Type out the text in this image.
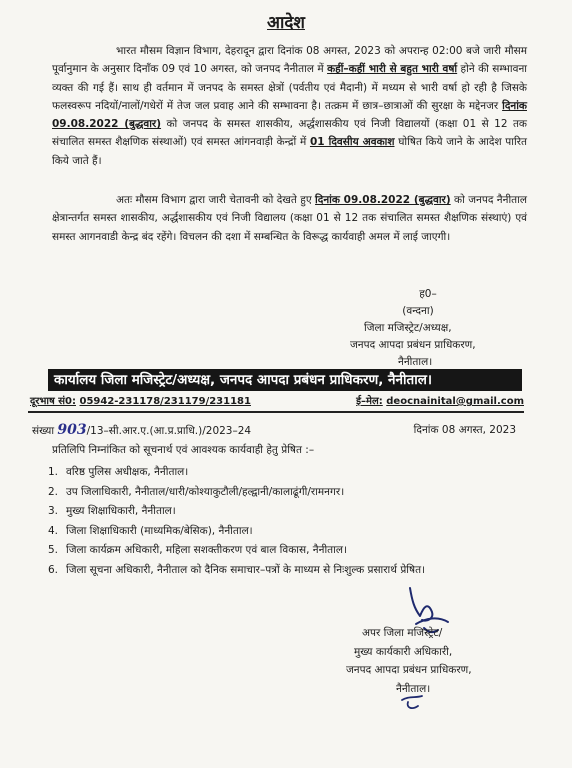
आदेश
भारत मौसम विज्ञान विभाग, देहरादून द्वारा दिनांक 08 अगस्त, 2023 को अपरान्ह 02:00 बजे जारी मौसम पूर्वानुमान के अनुसार दिनाँक 09 एवं 10 अगस्त, को जनपद नैनीताल में कहीं–कहीं भारी से बहुत भारी वर्षा होने की सम्भावना व्यक्त की गई हैं। साथ ही वर्तमान में जनपद के समस्त क्षेत्रों (पर्वतीय एवं मैदानी) में मध्यम से भारी वर्षा हो रही है जिसके फलस्वरूप नदियों/नालों/गधेरों में तेज जल प्रवाह आने की सम्भावना है। तत्क्रम में छात्र–छात्राओं की सुरक्षा के मद्देनजर दिनांक 09.08.2022 (बुद्धवार) को जनपद के समस्त शासकीय, अर्द्धशासकीय एवं निजी विद्यालयों (कक्षा 01 से 12 तक संचालित समस्त शैक्षणिक संस्थाओं) एवं समस्त आंगनवाड़ी केन्द्रों में 01 दिवसीय अवकाश घोषित किये जाने के आदेश पारित किये जाते हैं।
अतः मौसम विभाग द्वारा जारी चेतावनी को देखते हुए दिनांक 09.08.2022 (बुद्धवार) को जनपद नैनीताल क्षेत्रान्तर्गत समस्त शासकीय, अर्द्धशासकीय एवं निजी विद्यालय (कक्षा 01 से 12 तक संचालित समस्त शैक्षणिक संस्थाएं) एवं समस्त आगनवाडी केन्द्र बंद रहेंगे। विचलन की दशा में सम्बन्धित के विरूद्ध कार्यवाही अमल में लाई जाएगी।
ह0–
(वन्दना)
जिला मजिस्ट्रेट/अध्यक्ष,
जनपद आपदा प्रबंधन प्राधिकरण,
नैनीताल।
कार्यालय जिला मजिस्ट्रेट/अध्यक्ष, जनपद आपदा प्रबंधन प्राधिकरण, नैनीताल।
दूरभाष सं0: 05942-231178/231179/231181	ई–मेल: deocnainital@gmail.com
संख्या 903/13–सी.आर.ए.(आ.प्र.प्राधि.)/2023–24	दिनांक 08 अगस्त, 2023
प्रतिलिपि निम्नांकित को सूचनार्थ एवं आवश्यक कार्यवाही हेतु प्रेषित :–
1. वरिष्ठ पुलिस अधीक्षक, नैनीताल।
2. उप जिलाधिकारी, नैनीताल/धारी/कोश्याकुटौली/हल्द्वानी/कालाढूंगी/रामनगर।
3. मुख्य शिक्षाधिकारी, नैनीताल।
4. जिला शिक्षाधिकारी (माध्यमिक/बेसिक), नैनीताल।
5. जिला कार्यक्रम अधिकारी, महिला सशक्तीकरण एवं बाल विकास, नैनीताल।
6. जिला सूचना अधिकारी, नैनीताल को दैनिक समाचार–पत्रों के माध्यम से निःशुल्क प्रसारार्थ प्रेषित।
अपर जिला मजिस्ट्रेट/
मुख्य कार्यकारी अधिकारी,
जनपद आपदा प्रबंधन प्राधिकरण,
नैनीताल।
